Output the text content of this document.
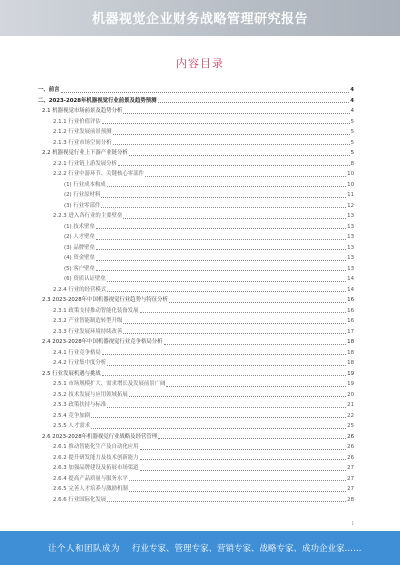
机器视觉企业财务战略管理研究报告
内容目录
一、前言	4
二、2023-2028年机器视觉行业前景及趋势预测	4
2.1 机器视觉市场前景及趋势分析	4
2.1.1 行业价值评估	5
2.1.2 行业发展前景预测	5
2.1.3 行业市场空间分析	5
2.2 机器视觉行业上下游产业链分析	5
2.2.1 行业链上游发展分析	8
2.2.2 行业中游环节、关键核心零部件	10
(1) 行业成本构成	10
(2) 行业原材料	11
(3) 行业零部件	12
2.2.3 进入各行业的主要壁垒	13
(1) 技术壁垒	13
(2) 人才壁垒	13
(3) 品牌壁垒	13
(4) 资金壁垒	13
(5) 客户壁垒	13
(6) 资质认证壁垒	14
2.2.4 行业的经营模式	14
2.3 2023-2028年中国机器视觉行业趋势与特征分析	16
2.3.1 政策支持推动智能化装备发展	16
2.3.2 产业智能制造转型升级	16
2.3.3 行业发展环境持续改善	17
2.4 2023-2028年中国机器视觉行业竞争格局分析	18
2.4.1 行业竞争格局	18
2.4.2 行业集中度分析	18
2.5 行业发展机遇与挑战	19
2.5.1 市场规模扩大、需求增长及发展前景广阔	19
2.5.2 技术发展与应用领域拓展	20
2.5.3 政策扶持与标准	21
2.5.4 竞争加剧	22
2.5.5 人才需求	25
2.6 2023-2028年机器视觉行业战略及经营管理	26
2.6.1 推动智能化生产及自动化应用	26
2.6.2 提升研发能力及技术创新能力	26
2.6.3 加强品牌建设及拓展市场渠道	27
2.6.4 提高产品质量与服务水平	27
2.6.5 完善人才培养与激励机制	27
2.6.6 行业国际化发展	28
1
让个人和团队成为 行业专家、管理专家、营销专家、战略专家、成功企业家……
